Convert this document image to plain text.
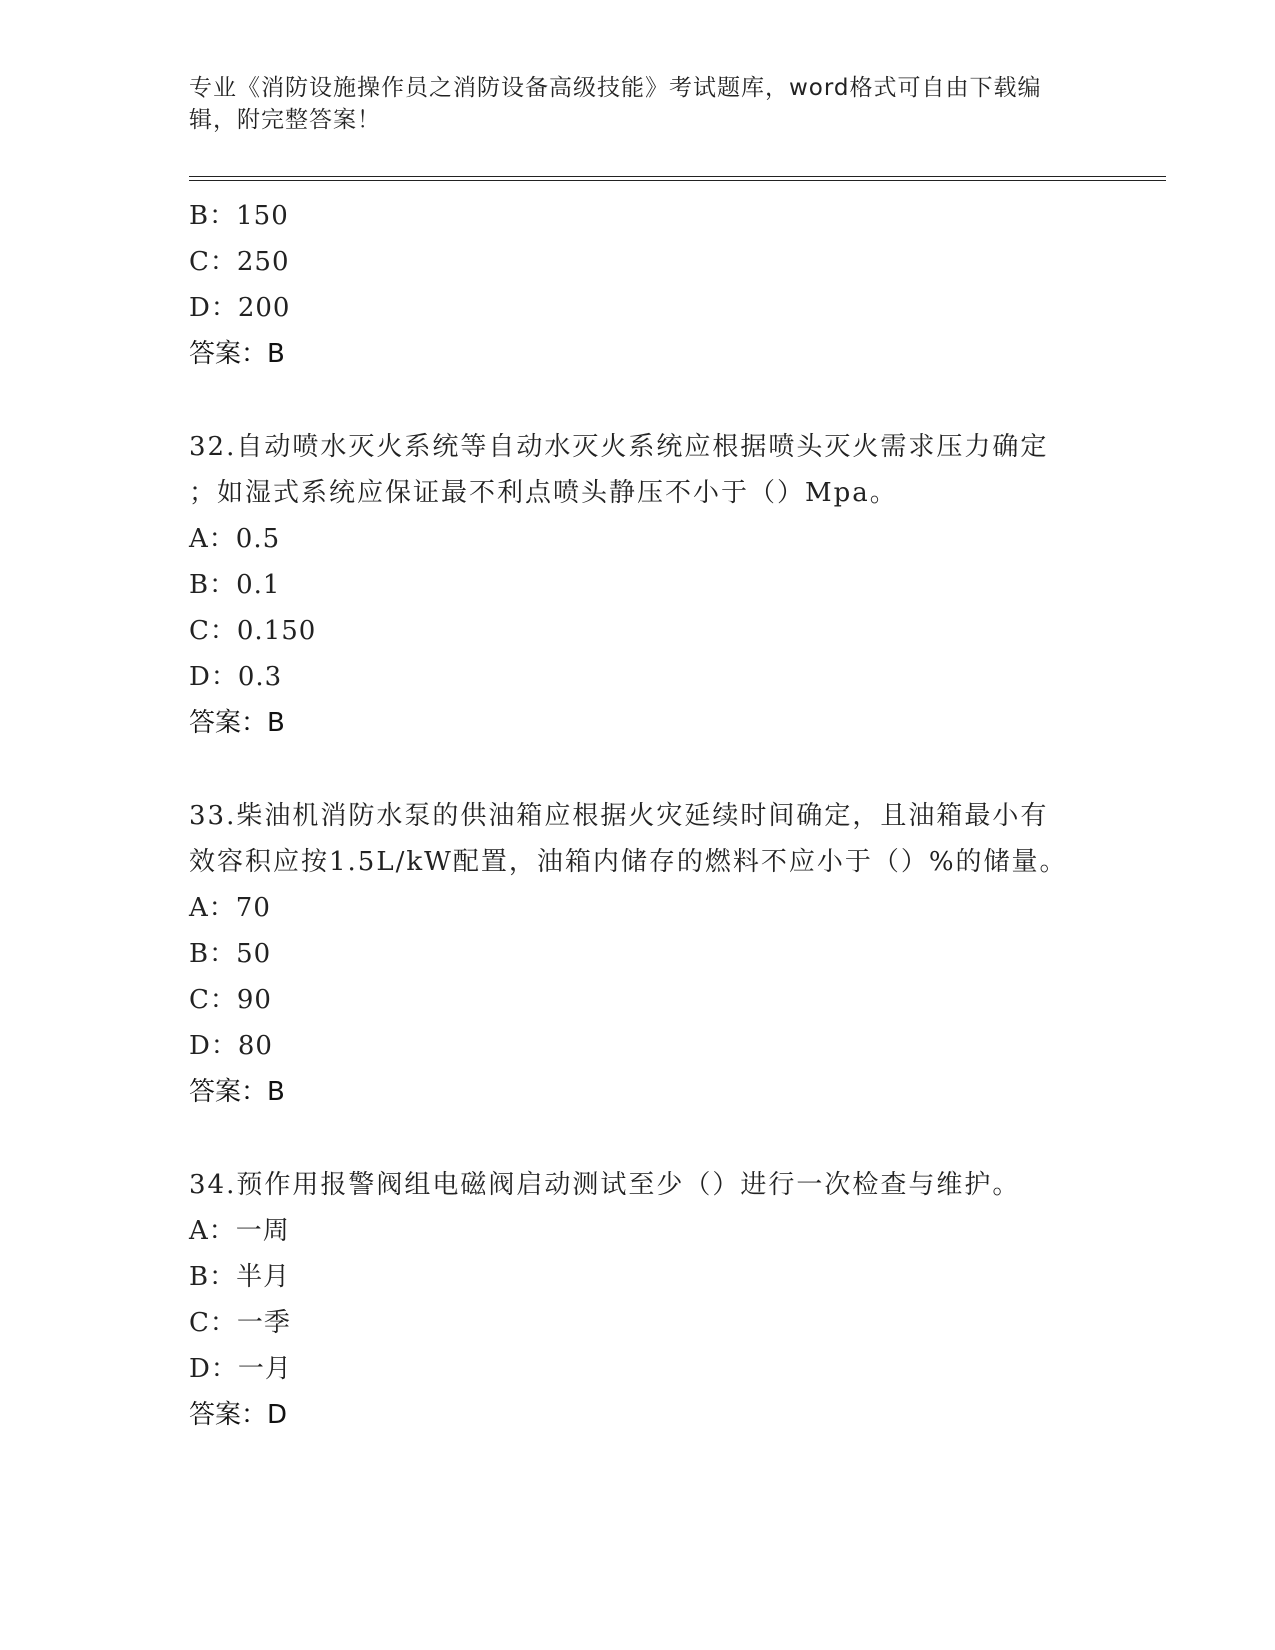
专业《消防设施操作员之消防设备高级技能》考试题库，word格式可自由下载编辑，附完整答案！
B：150
C：250
D：200
答案：B
32.自动喷水灭火系统等自动水灭火系统应根据喷头灭火需求压力确定
；如湿式系统应保证最不利点喷头静压不小于（）Mpa。
A：0.5
B：0.1
C：0.150
D：0.3
答案：B
33.柴油机消防水泵的供油箱应根据火灾延续时间确定，且油箱最小有
效容积应按1.5L/kW配置，油箱内储存的燃料不应小于（）%的储量。
A：70
B：50
C：90
D：80
答案：B
34.预作用报警阀组电磁阀启动测试至少（）进行一次检查与维护。
A：一周
B：半月
C：一季
D：一月
答案：D
